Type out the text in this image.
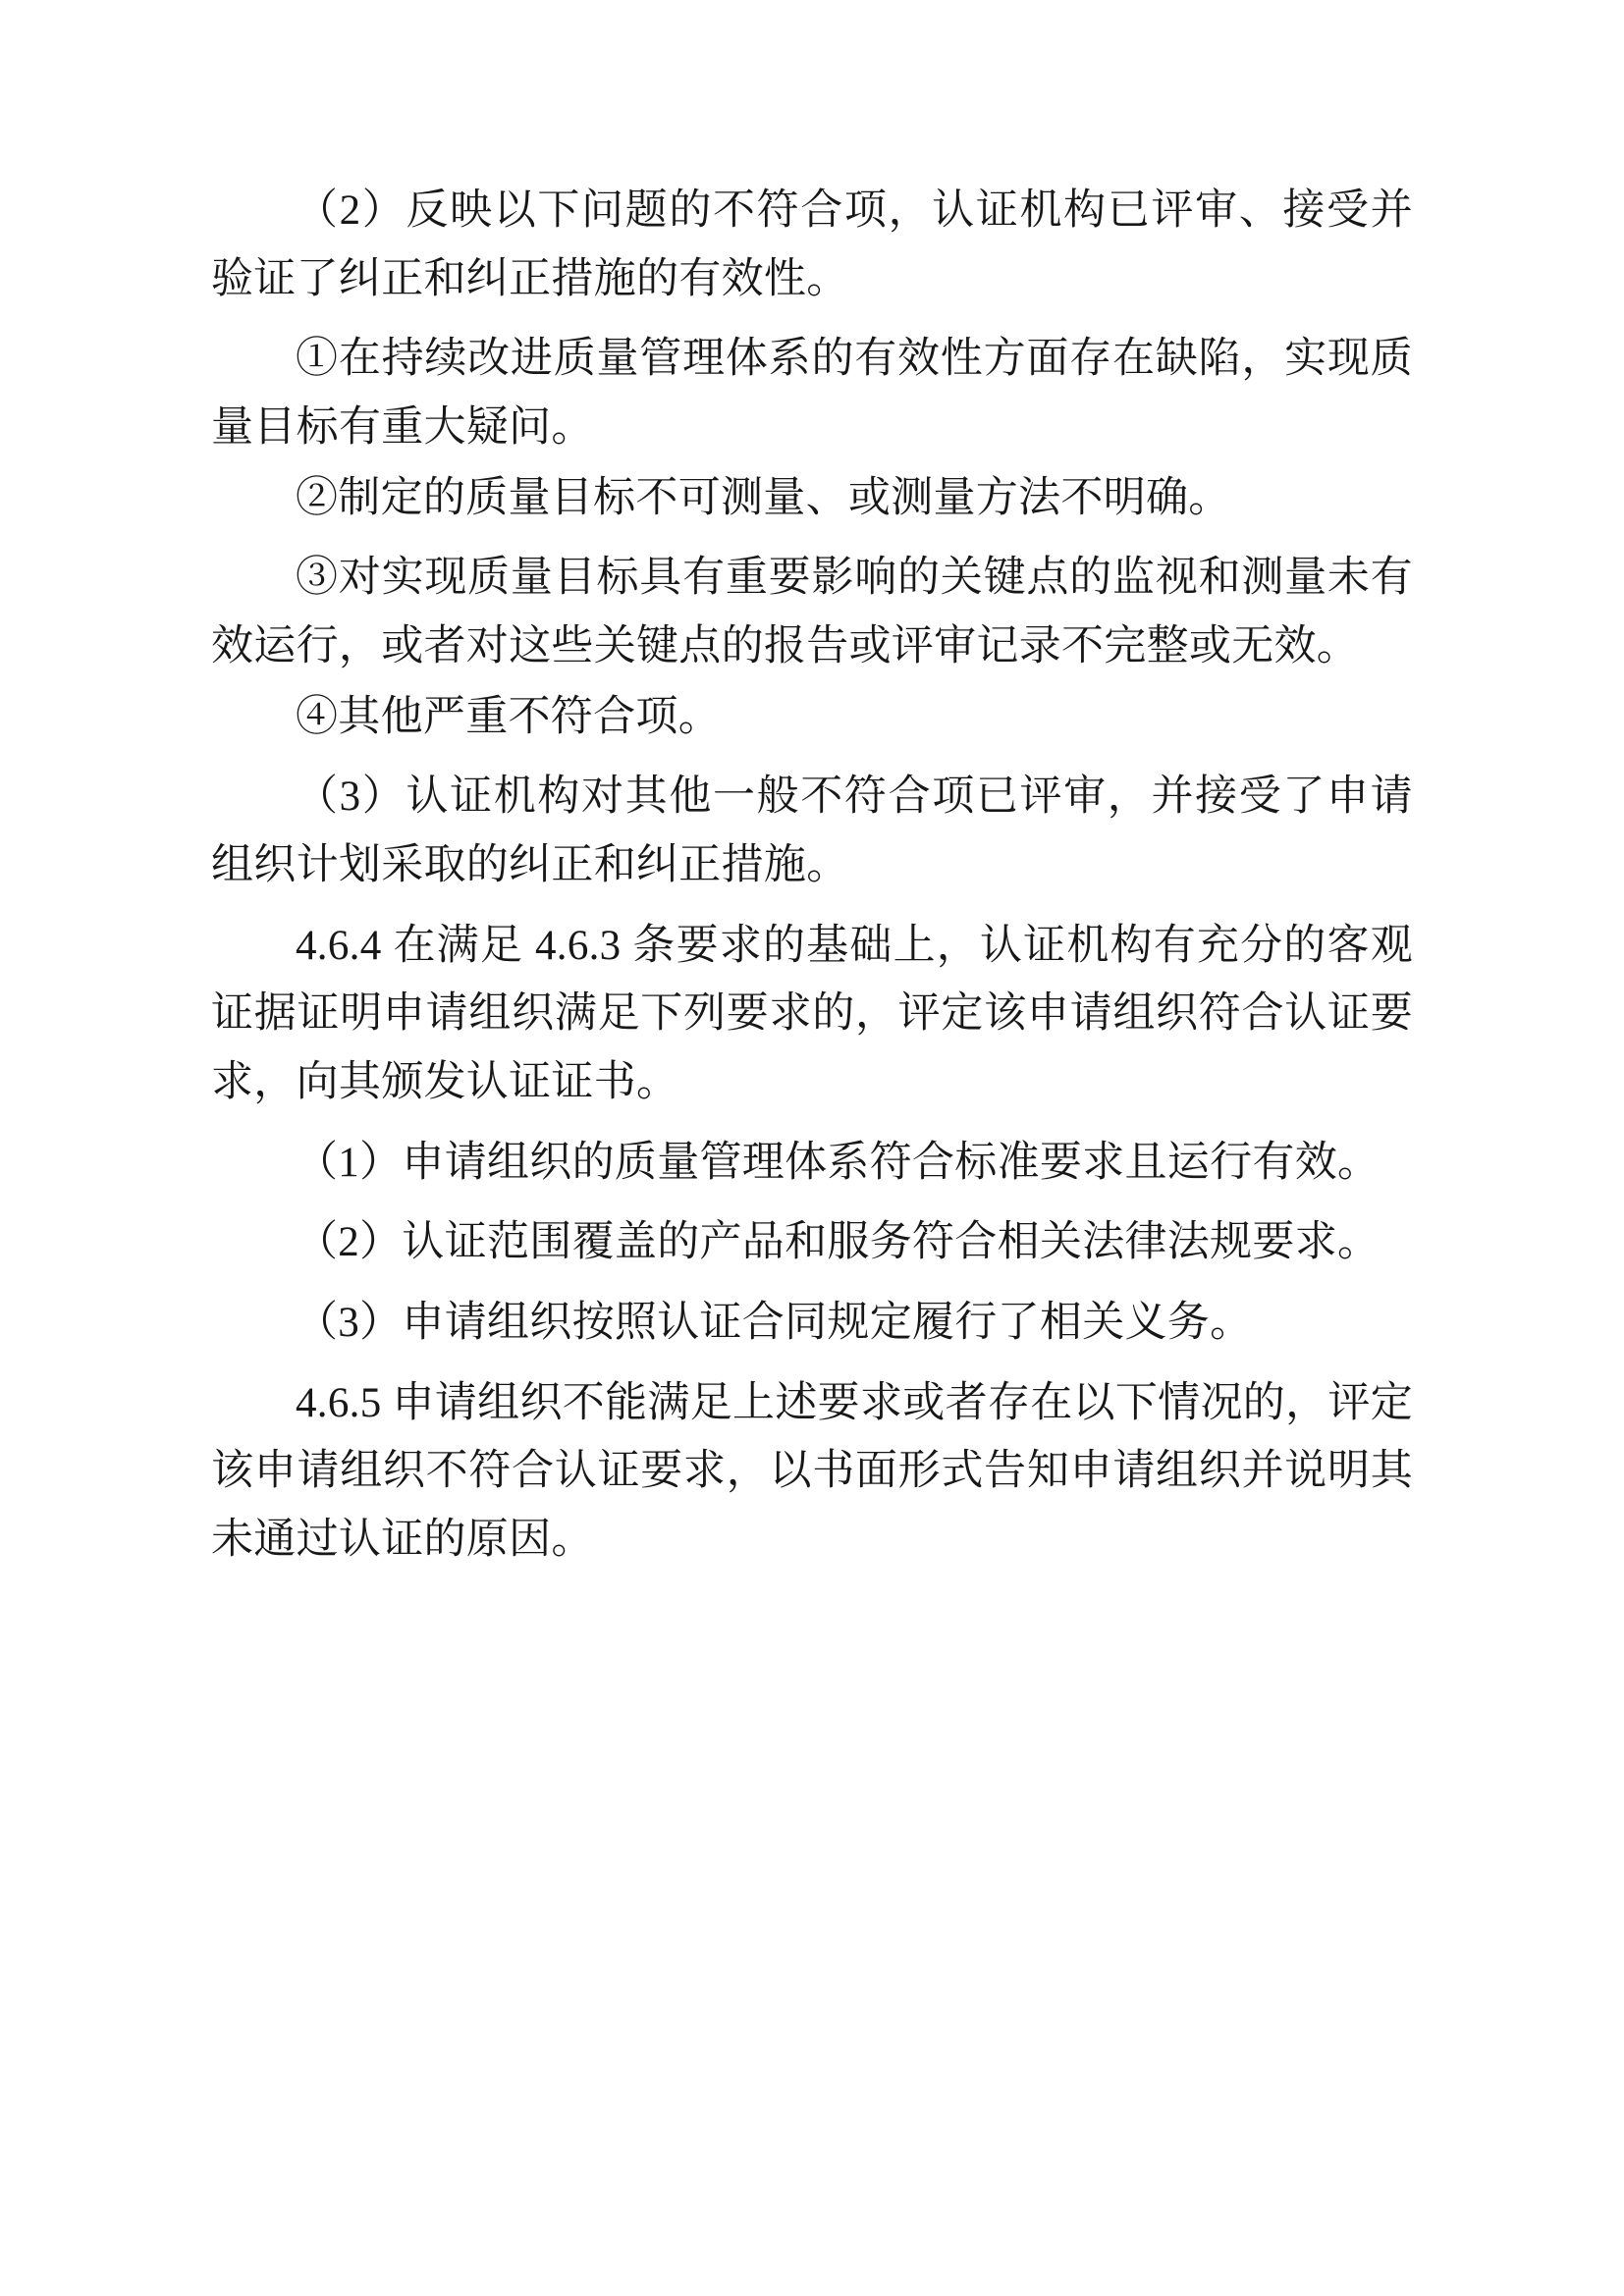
（2）反映以下问题的不符合项，认证机构已评审、接受并验证了纠正和纠正措施的有效性。

①在持续改进质量管理体系的有效性方面存在缺陷，实现质量目标有重大疑问。

②制定的质量目标不可测量、或测量方法不明确。

③对实现质量目标具有重要影响的关键点的监视和测量未有效运行，或者对这些关键点的报告或评审记录不完整或无效。

④其他严重不符合项。

（3）认证机构对其他一般不符合项已评审，并接受了申请组织计划采取的纠正和纠正措施。

4.6.4 在满足 4.6.3 条要求的基础上，认证机构有充分的客观证据证明申请组织满足下列要求的，评定该申请组织符合认证要求，向其颁发认证证书。

（1）申请组织的质量管理体系符合标准要求且运行有效。

（2）认证范围覆盖的产品和服务符合相关法律法规要求。

（3）申请组织按照认证合同规定履行了相关义务。

4.6.5 申请组织不能满足上述要求或者存在以下情况的，评定该申请组织不符合认证要求，以书面形式告知申请组织并说明其未通过认证的原因。
